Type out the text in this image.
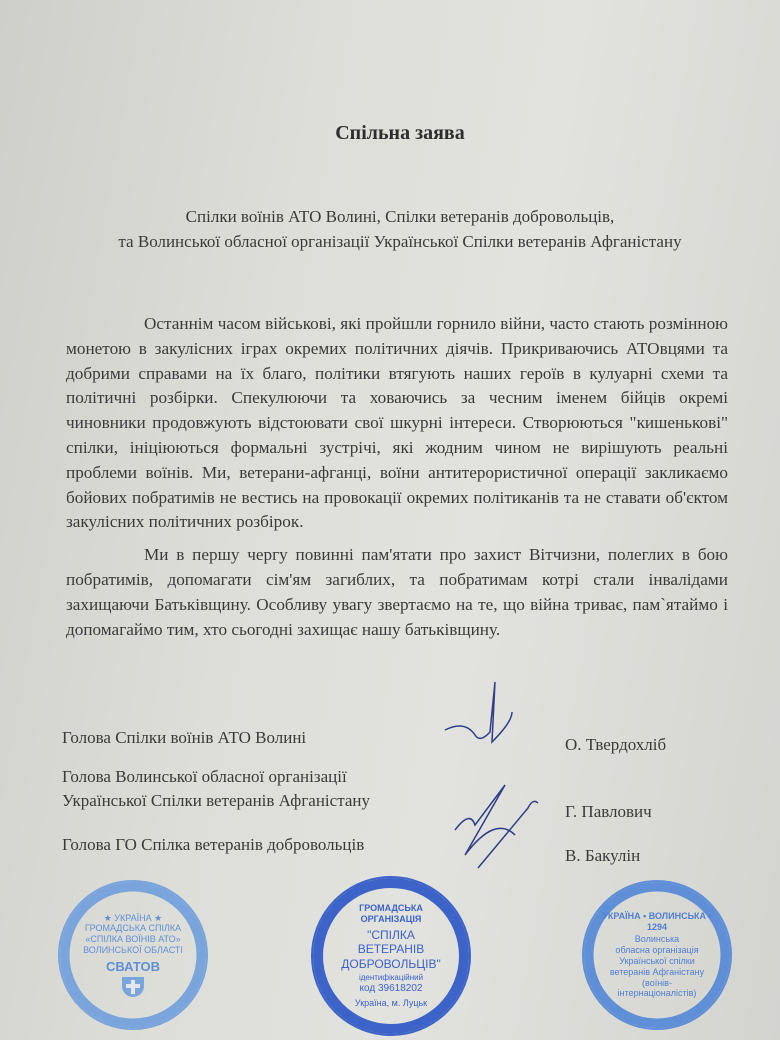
Спільна заява
Спілки воїнів АТО Волині, Спілки ветеранів добровольців,
та Волинської обласної організації Української Спілки ветеранів Афганістану

Останнім часом військові, які пройшли горнило війни, часто стають розмінною монетою в закулісних іграх окремих політичних діячів. Прикриваючись АТОвцями та добрими справами на їх благо, політики втягують наших героїв в кулуарні схеми та політичні розбірки. Спекулюючи та ховаючись за чесним іменем бійців окремі чиновники продовжують відстоювати свої шкурні інтереси. Створюються "кишенькові" спілки, ініціюються формальні зустрічі, які жодним чином не вирішують реальні проблеми воїнів. Ми, ветерани-афганці, воїни антитерористичної операції закликаємо бойових побратимів не вестись на провокації окремих політиканів та не ставати об'єктом закулісних політичних розбірок.

Ми в першу чергу повинні пам'ятати про захист Вітчизни, полеглих в бою побратимів, допомагати сім'ям загиблих, та побратимам котрі стали інвалідами захищаючи Батьківщину. Особливу увагу звертаємо на те, що війна триває, пам`ятаймо і допомагаймо тим, хто сьогодні захищає нашу батьківщину.

Голова Спілки воїнів АТО Волині	О. Твердохліб
Голова Волинської обласної організації
Української Спілки ветеранів Афганістану
Г. Павлович
Голова ГО Спілка ветеранів добровольців
В. Бакулін
★ УКРАЇНА ★ ГРОМАДСЬКА СПІЛКА «СПІЛКА ВОЇНІВ АТО» ВОЛИНСЬКОЇ ОБЛАСТІ
СВАТОВ
УКРАЇНА • ВОЛИНСЬКА • 1294
Волинська
обласна організація
Української спілки
ветеранів Афганістану
(воїнів-
інтернаціоналістів)
ГРОМАДСЬКА ОРГАНІЗАЦІЯ
"СПІЛКА
ВЕТЕРАНІВ
ДОБРОВОЛЬЦІВ"
ідентифікаційний
код 39618202
Україна, м. Луцьк
